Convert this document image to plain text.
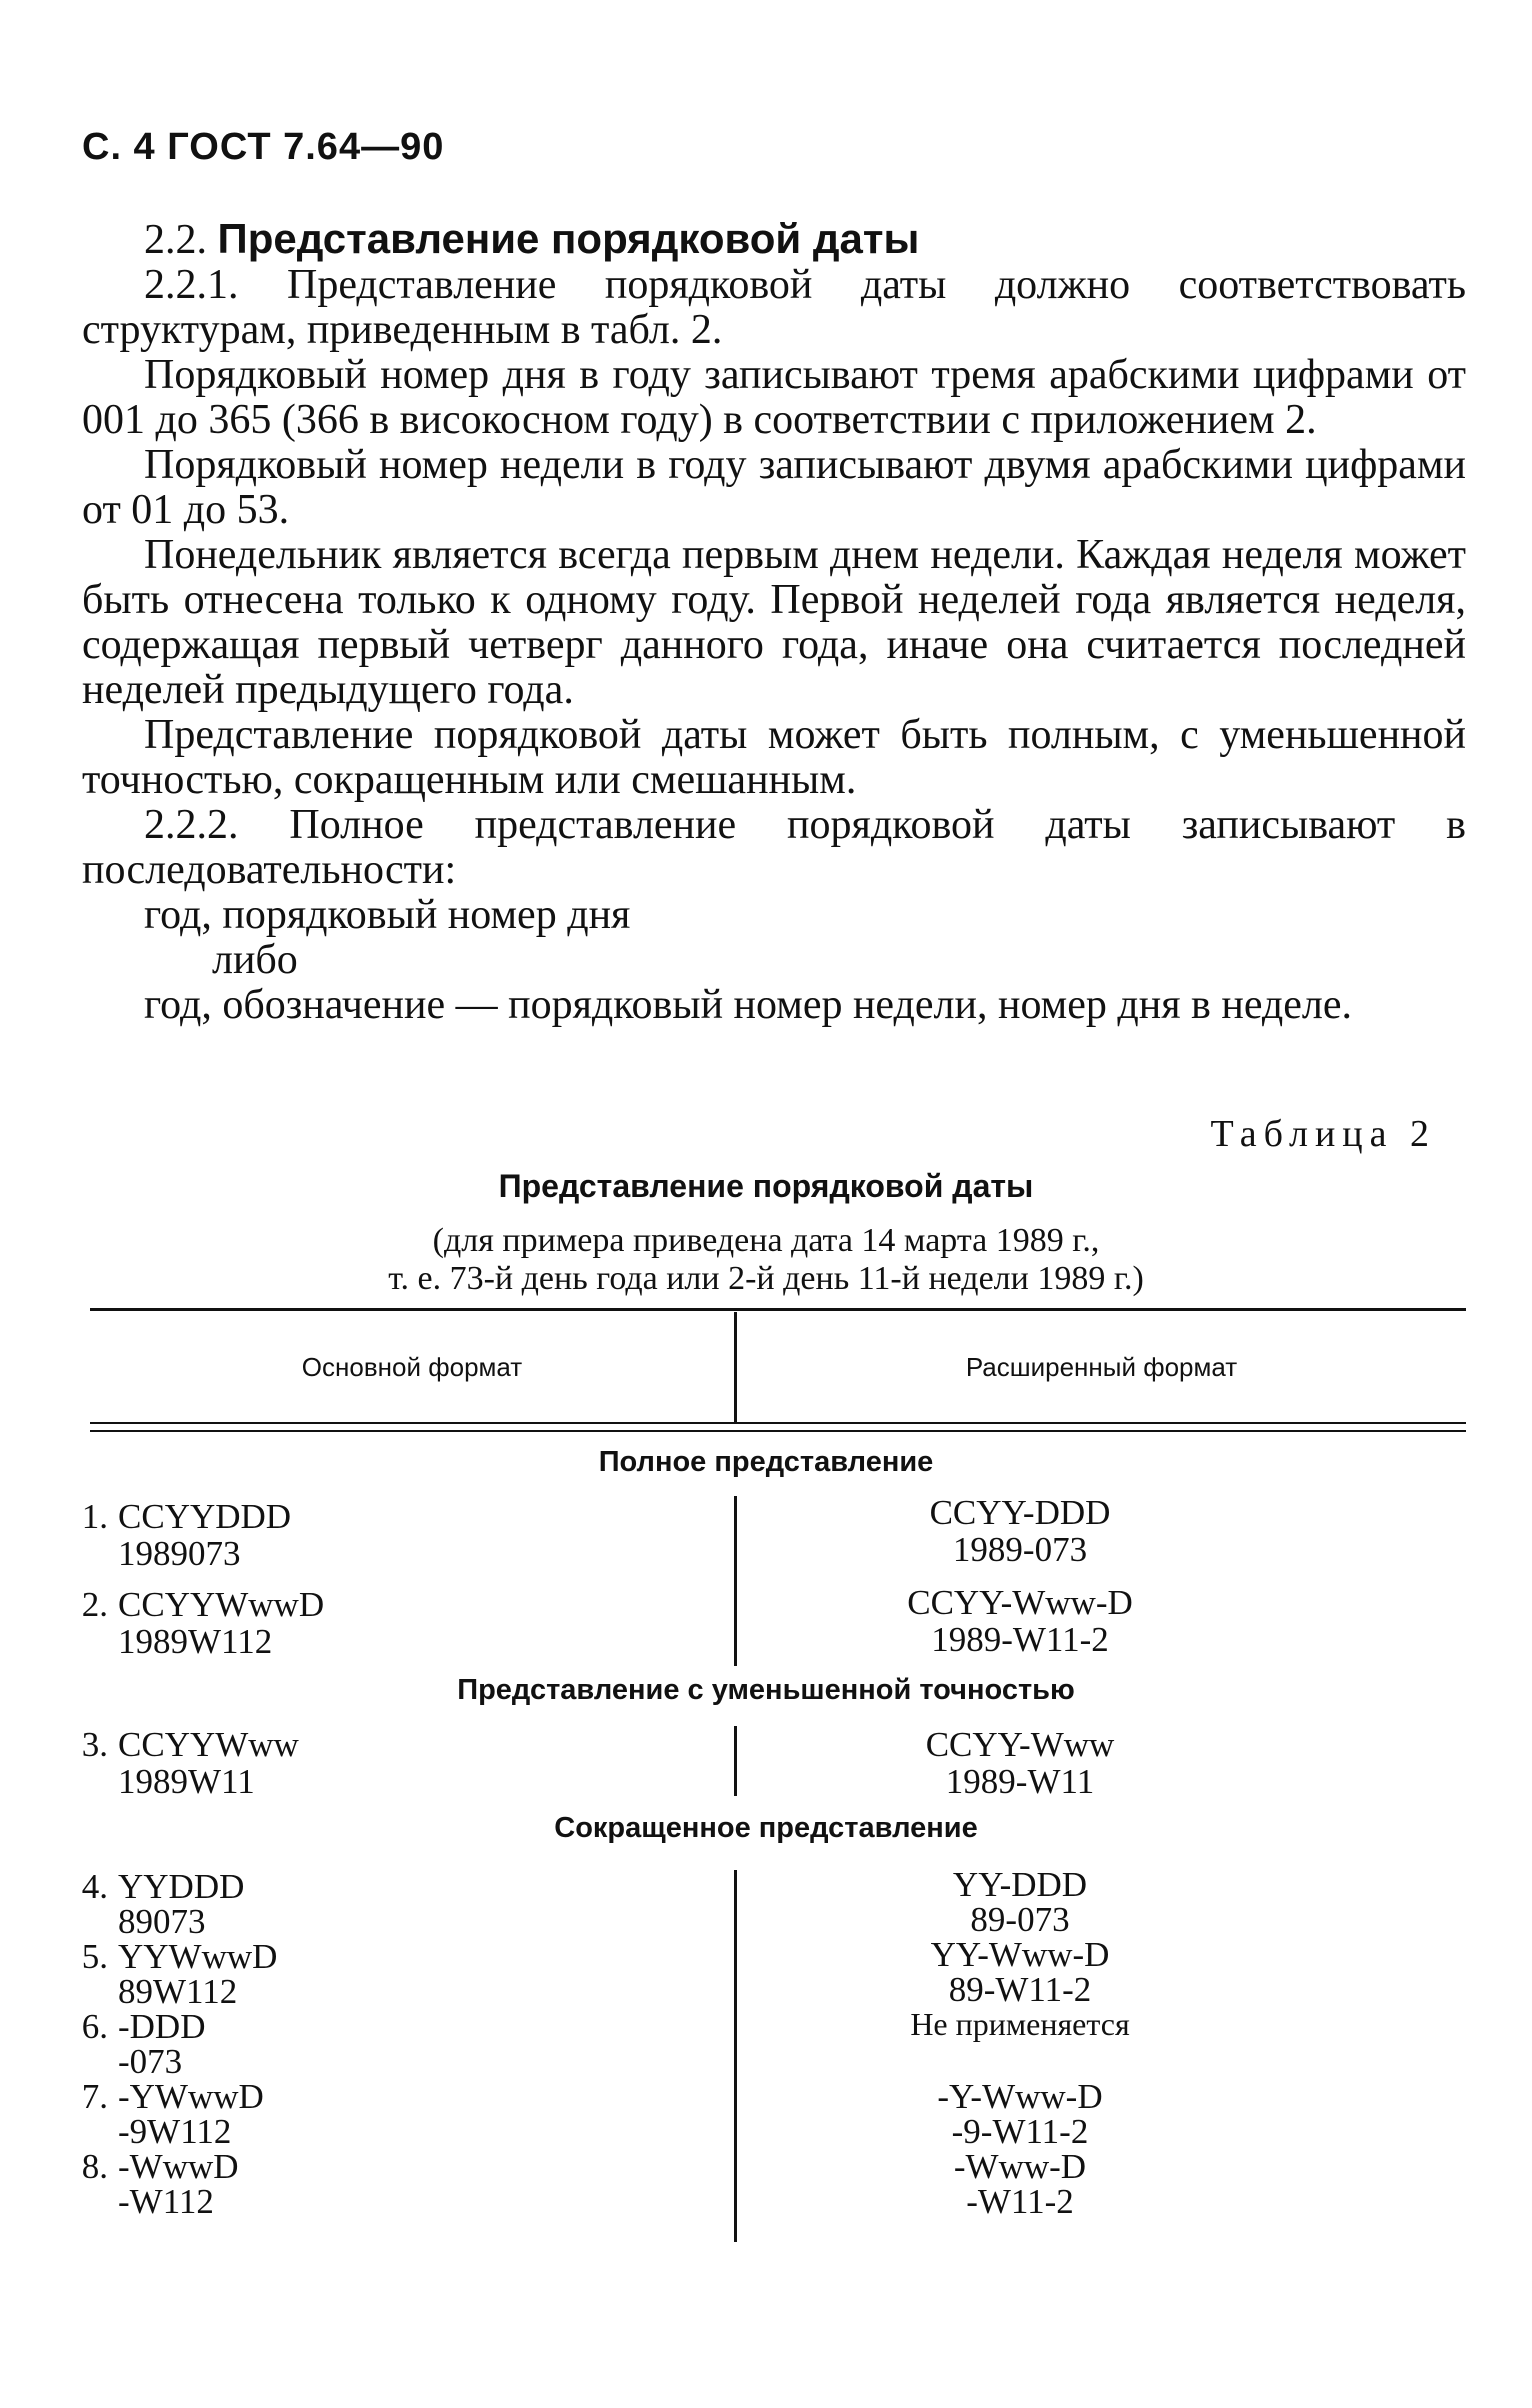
С. 4 ГОСТ 7.64—90

2.2. Представление порядковой даты

2.2.1. Представление порядковой даты должно соответствовать структурам, приведенным в табл. 2.

Порядковый номер дня в году записывают тремя арабскими цифрами от 001 до 365 (366 в високосном году) в соответствии с приложением 2.

Порядковый номер недели в году записывают двумя арабскими цифрами от 01 до 53.

Понедельник является всегда первым днем недели. Каждая неделя может быть отнесена только к одному году. Первой неделей года является неделя, содержащая первый четверг данного года, иначе она считается последней неделей предыдущего года.

Представление порядковой даты может быть полным, с уменьшенной точностью, сокращенным или смешанным.

2.2.2. Полное представление порядковой даты записывают в последовательности:

год, порядковый номер дня

либо

год, обозначение — порядковый номер недели, номер дня в неделе.

Таблица 2
Представление порядковой даты
(для примера приведена дата 14 марта 1989 г.,
т. е. 73-й день года или 2-й день 11-й недели 1989 г.)
Основной формат	Расширенный формат
Полное представление
1. CCYYDDD
1989073
CCYY-DDD
1989-073
2. CCYYWwwD
1989W112
CCYY-Www-D
1989-W11-2
Представление с уменьшенной точностью
3. CCYYWww
1989W11
CCYY-Www
1989-W11
Сокращенное представление
4. YYDDD
89073
YY-DDD
89-073
5. YYWwwD
89W112
YY-Www-D
89-W11-2
6. -DDD
-073
Не применяется
7. -YWwwD
-9W112
-Y-Www-D
-9-W11-2
8. -WwwD
-W112
-Www-D
-W11-2
